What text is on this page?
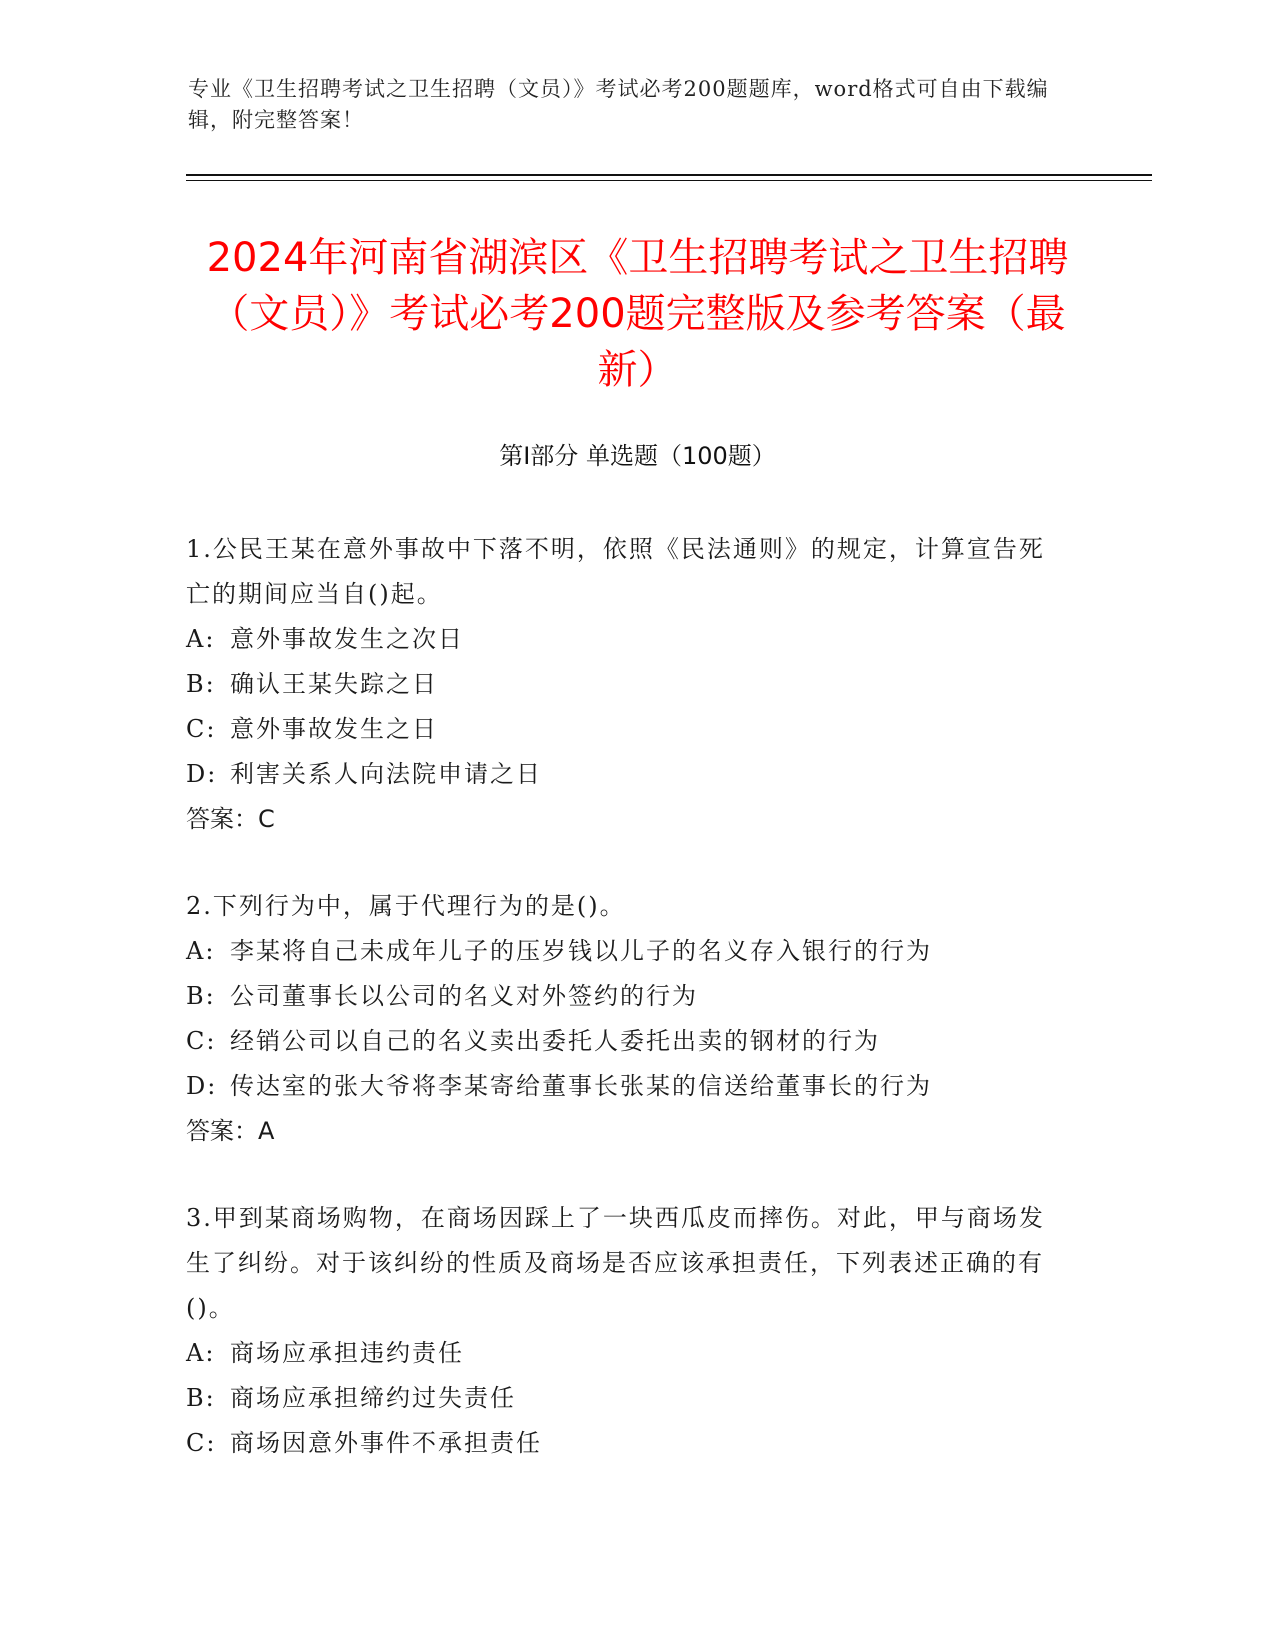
专业《卫生招聘考试之卫生招聘（文员）》考试必考200题题库，word格式可自由下载编辑，附完整答案！
2024年河南省湖滨区《卫生招聘考试之卫生招聘（文员）》考试必考200题完整版及参考答案（最新）
第I部分 单选题（100题）

1.公民王某在意外事故中下落不明，依照《民法通则》的规定，计算宣告死亡的期间应当自()起。

A: 意外事故发生之次日

B: 确认王某失踪之日

C: 意外事故发生之日

D: 利害关系人向法院申请之日

答案：C

2.下列行为中，属于代理行为的是()。

A: 李某将自己未成年儿子的压岁钱以儿子的名义存入银行的行为

B: 公司董事长以公司的名义对外签约的行为

C: 经销公司以自己的名义卖出委托人委托出卖的钢材的行为

D: 传达室的张大爷将李某寄给董事长张某的信送给董事长的行为

答案：A

3.甲到某商场购物，在商场因踩上了一块西瓜皮而摔伤。对此，甲与商场发生了纠纷。对于该纠纷的性质及商场是否应该承担责任，下列表述正确的有()。

A: 商场应承担违约责任

B: 商场应承担缔约过失责任

C: 商场因意外事件不承担责任
